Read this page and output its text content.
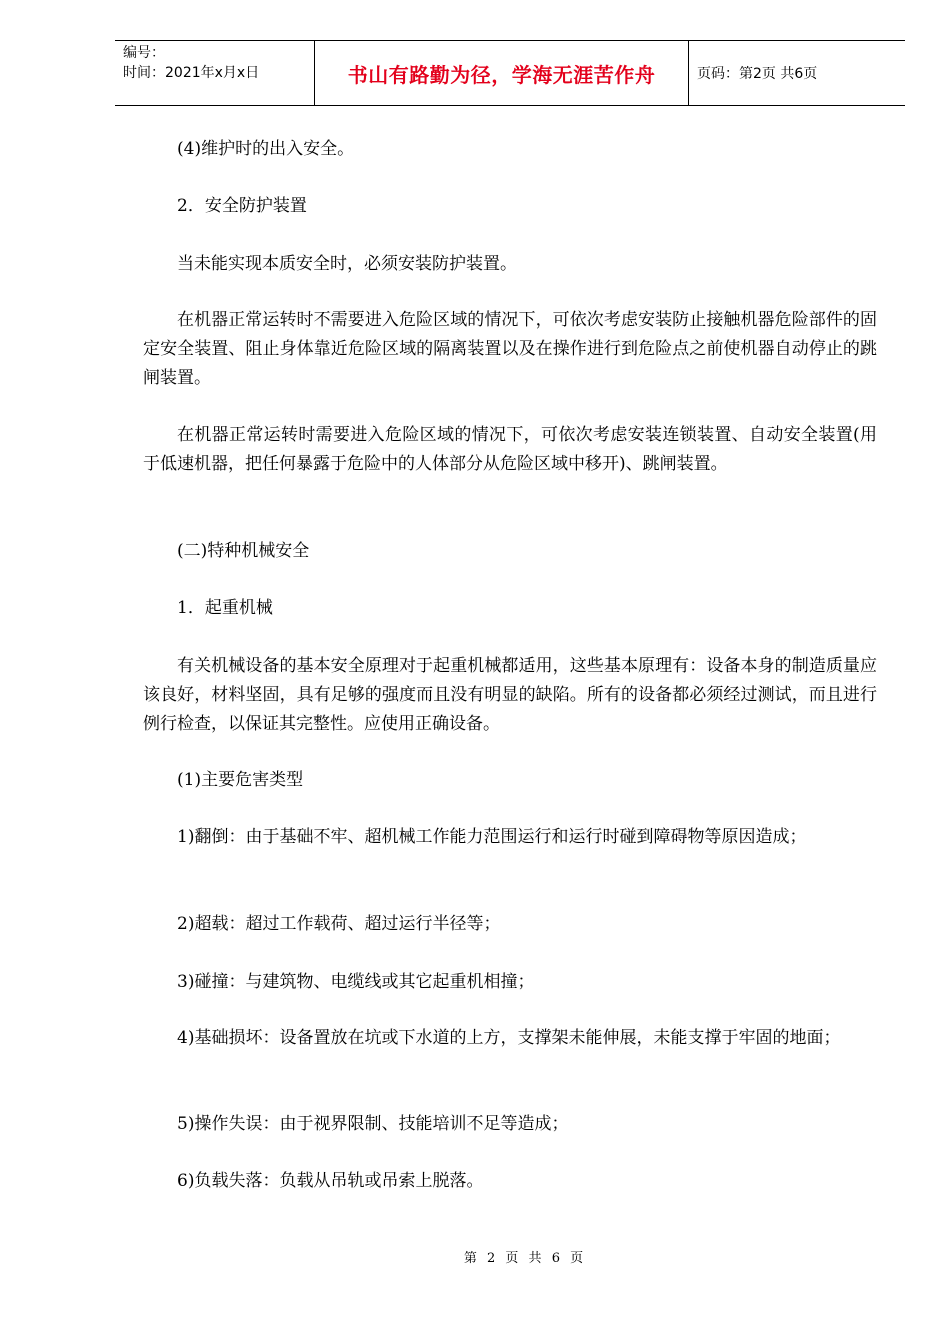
编号：
时间：2021年x月x日	书山有路勤为径，学海无涯苦作舟	页码：第2页 共6页
(4)维护时的出入安全。
2．安全防护装置
当未能实现本质安全时，必须安装防护装置。
在机器正常运转时不需要进入危险区域的情况下，可依次考虑安装防止接触机器危险部件的固定安全装置、阻止身体靠近危险区域的隔离装置以及在操作进行到危险点之前使机器自动停止的跳闸装置。
在机器正常运转时需要进入危险区域的情况下，可依次考虑安装连锁装置、自动安全装置(用于低速机器，把任何暴露于危险中的人体部分从危险区域中移开)、跳闸装置。
(二)特种机械安全
1．起重机械
有关机械设备的基本安全原理对于起重机械都适用，这些基本原理有：设备本身的制造质量应该良好，材料坚固，具有足够的强度而且没有明显的缺陷。所有的设备都必须经过测试，而且进行例行检查，以保证其完整性。应使用正确设备。
(1)主要危害类型
1)翻倒：由于基础不牢、超机械工作能力范围运行和运行时碰到障碍物等原因造成；
2)超载：超过工作载荷、超过运行半径等；
3)碰撞：与建筑物、电缆线或其它起重机相撞；
4)基础损坏：设备置放在坑或下水道的上方，支撑架未能伸展，未能支撑于牢固的地面；
5)操作失误：由于视界限制、技能培训不足等造成；
6)负载失落：负载从吊轨或吊索上脱落。
第 2 页 共 6 页
